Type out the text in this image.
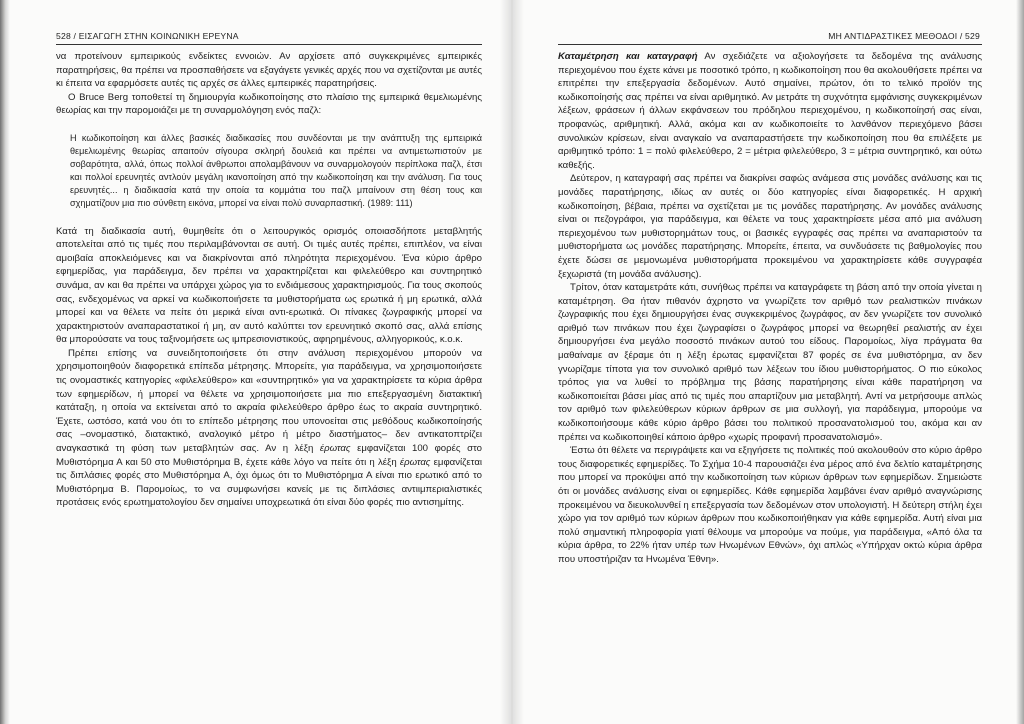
528 / ΕΙΣΑΓΩΓΗ ΣΤΗΝ ΚΟΙΝΩΝΙΚΗ ΕΡΕΥΝΑ

να προτείνουν εμπειρικούς ενδείκτες εννοιών. Αν αρχίσετε από συγκεκριμένες εμπειρικές παρατηρήσεις, θα πρέπει να προσπαθήσετε να εξαγάγετε γενικές αρχές που να σχετίζονται με αυτές κι έπειτα να εφαρμόσετε αυτές τις αρχές σε άλλες εμπειρικές παρατηρήσεις.

O Bruce Berg τοποθετεί τη δημιουργία κωδικοποίησης στο πλαίσιο της εμπειρικά θεμελιωμένης θεωρίας και την παρομοιάζει με τη συναρμολόγηση ενός παζλ:

Η κωδικοποίηση και άλλες βασικές διαδικασίες που συνδέονται με την ανάπτυξη της εμπειρικά θεμελιωμένης θεωρίας απαιτούν σίγουρα σκληρή δουλειά και πρέπει να αντιμετωπιστούν με σοβαρότητα, αλλά, όπως πολλοί άνθρωποι απολαμβάνουν να συναρμολογούν περίπλοκα παζλ, έτσι και πολλοί ερευνητές αντλούν μεγάλη ικανοποίηση από την κωδικοποίηση και την ανάλυση. Για τους ερευνητές... η διαδικασία κατά την οποία τα κομμάτια του παζλ μπαίνουν στη θέση τους και σχηματίζουν μια πιο σύνθετη εικόνα, μπορεί να είναι πολύ συναρπαστική. (1989: 111)

Κατά τη διαδικασία αυτή, θυμηθείτε ότι ο λειτουργικός ορισμός οποιασδήποτε μεταβλητής αποτελείται από τις τιμές που περιλαμβάνονται σε αυτή. Οι τιμές αυτές πρέπει, επιπλέον, να είναι αμοιβαία αποκλειόμενες και να διακρίνονται από πληρότητα περιεχομένου. Ένα κύριο άρθρο εφημερίδας, για παράδειγμα, δεν πρέπει να χαρακτηρίζεται και φιλελεύθερο και συντηρητικό συνάμα, αν και θα πρέπει να υπάρχει χώρος για το ενδιάμεσους χαρακτηρισμούς. Για τους σκοπούς σας, ενδεχομένως να αρκεί να κωδικοποιήσετε τα μυθιστορήματα ως ερωτικά ή μη ερωτικά, αλλά μπορεί και να θέλετε να πείτε ότι μερικά είναι αντι-ερωτικά. Οι πίνακες ζωγραφικής μπορεί να χαρακτηριστούν αναπαραστατικοί ή μη, αν αυτό καλύπτει τον ερευνητικό σκοπό σας, αλλά επίσης θα μπορούσατε να τους ταξινομήσετε ως ιμπρεσιονιστικούς, αφηρημένους, αλληγορικούς, κ.ο.κ.

Πρέπει επίσης να συνειδητοποιήσετε ότι στην ανάλυση περιεχομένου μπορούν να χρησιμοποιηθούν διαφορετικά επίπεδα μέτρησης. Μπορείτε, για παράδειγμα, να χρησιμοποιήσετε τις ονομαστικές κατηγορίες «φιλελεύθερο» και «συντηρητικό» για να χαρακτηρίσετε τα κύρια άρθρα των εφημερίδων, ή μπορεί να θέλετε να χρησιμοποιήσετε μια πιο επεξεργασμένη διατακτική κατάταξη, η οποία να εκτείνεται από το ακραία φιλελεύθερο άρθρο έως το ακραία συντηρητικό. Έχετε, ωστόσο, κατά νου ότι το επίπεδο μέτρησης που υπονοείται στις μεθόδους κωδικοποίησής σας –ονομαστικό, διατακτικό, αναλογικό μέτρο ή μέτρο διαστήματος– δεν αντικατοπτρίζει αναγκαστικά τη φύση των μεταβλητών σας. Αν η λέξη έρωτας εμφανίζεται 100 φορές στο Μυθιστόρημα Α και 50 στο Μυθιστόρημα Β, έχετε κάθε λόγο να πείτε ότι η λέξη έρωτας εμφανίζεται τις διπλάσιες φορές στο Μυθιστόρημα Α, όχι όμως ότι το Μυθιστόρημα Α είναι πιο ερωτικό από το Μυθιστόρημα Β. Παρομοίως, το να συμφωνήσει κανείς με τις διπλάσιες αντιιμπεριαλιστικές προτάσεις ενός ερωτηματολογίου δεν σημαίνει υποχρεωτικά ότι είναι δύο φορές πιο αντισημίτης.

ΜΗ ΑΝΤΙΔΡΑΣΤΙΚΕΣ ΜΕΘΟΔΟΙ / 529

Καταμέτρηση και καταγραφή Αν σχεδιάζετε να αξιολογήσετε τα δεδομένα της ανάλυσης περιεχομένου που έχετε κάνει με ποσοτικό τρόπο, η κωδικοποίηση που θα ακολουθήσετε πρέπει να επιτρέπει την επεξεργασία δεδομένων. Αυτό σημαίνει, πρώτον, ότι το τελικό προϊόν της κωδικοποίησής σας πρέπει να είναι αριθμητικό. Αν μετράτε τη συχνότητα εμφάνισης συγκεκριμένων λέξεων, φράσεων ή άλλων εκφάνσεων του πρόδηλου περιεχομένου, η κωδικοποίησή σας είναι, προφανώς, αριθμητική. Αλλά, ακόμα και αν κωδικοποιείτε το λανθάνον περιεχόμενο βάσει συνολικών κρίσεων, είναι αναγκαίο να αναπαραστήσετε την κωδικοποίηση που θα επιλέξετε με αριθμητικό τρόπο: 1 = πολύ φιλελεύθερο, 2 = μέτρια φιλελεύθερο, 3 = μέτρια συντηρητικό, και ούτω καθεξής.

Δεύτερον, η καταγραφή σας πρέπει να διακρίνει σαφώς ανάμεσα στις μονάδες ανάλυσης και τις μονάδες παρατήρησης, ιδίως αν αυτές οι δύο κατηγορίες είναι διαφορετικές. Η αρχική κωδικοποίηση, βέβαια, πρέπει να σχετίζεται με τις μονάδες παρατήρησης. Αν μονάδες ανάλυσης είναι οι πεζογράφοι, για παράδειγμα, και θέλετε να τους χαρακτηρίσετε μέσα από μια ανάλυση περιεχομένου των μυθιστορημάτων τους, οι βασικές εγγραφές σας πρέπει να αναπαριστούν τα μυθιστορήματα ως μονάδες παρατήρησης. Μπορείτε, έπειτα, να συνδυάσετε τις βαθμολογίες που έχετε δώσει σε μεμονωμένα μυθιστορήματα προκειμένου να χαρακτηρίσετε κάθε συγγραφέα ξεχωριστά (τη μονάδα ανάλυσης).

Τρίτον, όταν καταμετράτε κάτι, συνήθως πρέπει να καταγράφετε τη βάση από την οποία γίνεται η καταμέτρηση. Θα ήταν πιθανόν άχρηστο να γνωρίζετε τον αριθμό των ρεαλιστικών πινάκων ζωγραφικής που έχει δημιουργήσει ένας συγκεκριμένος ζωγράφος, αν δεν γνωρίζετε τον συνολικό αριθμό των πινάκων που έχει ζωγραφίσει ο ζωγράφος μπορεί να θεωρηθεί ρεαλιστής αν έχει δημιουργήσει ένα μεγάλο ποσοστό πινάκων αυτού του είδους. Παρομοίως, λίγα πράγματα θα μαθαίναμε αν ξέραμε ότι η λέξη έρωτας εμφανίζεται 87 φορές σε ένα μυθιστόρημα, αν δεν γνωρίζαμε τίποτα για τον συνολικό αριθμό των λέξεων του ίδιου μυθιστορήματος. Ο πιο εύκολος τρόπος για να λυθεί το πρόβλημα της βάσης παρατήρησης είναι κάθε παρατήρηση να κωδικοποιείται βάσει μίας από τις τιμές που απαρτίζουν μια μεταβλητή. Αντί να μετρήσουμε απλώς τον αριθμό των φιλελεύθερων κύριων άρθρων σε μια συλλογή, για παράδειγμα, μπορούμε να κωδικοποιήσουμε κάθε κύριο άρθρο βάσει του πολιτικού προσανατολισμού του, ακόμα και αν πρέπει να κωδικοποιηθεί κάποιο άρθρο «χωρίς προφανή προσανατολισμό».

Έστω ότι θέλετε να περιγράψετε και να εξηγήσετε τις πολιτικές πού ακολουθούν στο κύριο άρθρο τους διαφορετικές εφημερίδες. Το Σχήμα 10-4 παρουσιάζει ένα μέρος από ένα δελτίο καταμέτρησης που μπορεί να προκύψει από την κωδικοποίηση των κύριων άρθρων των εφημερίδων. Σημειώστε ότι οι μονάδες ανάλυσης είναι οι εφημερίδες. Κάθε εφημερίδα λαμβάνει έναν αριθμό αναγνώρισης προκειμένου να διευκολυνθεί η επεξεργασία των δεδομένων στον υπολογιστή. Η δεύτερη στήλη έχει χώρο για τον αριθμό των κύριων άρθρων που κωδικοποιήθηκαν για κάθε εφημερίδα. Αυτή είναι μια πολύ σημαντική πληροφορία γιατί θέλουμε να μπορούμε να πούμε, για παράδειγμα, «Από όλα τα κύρια άρθρα, το 22% ήταν υπέρ των Ηνωμένων Εθνών», όχι απλώς «Υπήρχαν οκτώ κύρια άρθρα που υποστήριζαν τα Ηνωμένα Έθνη».
